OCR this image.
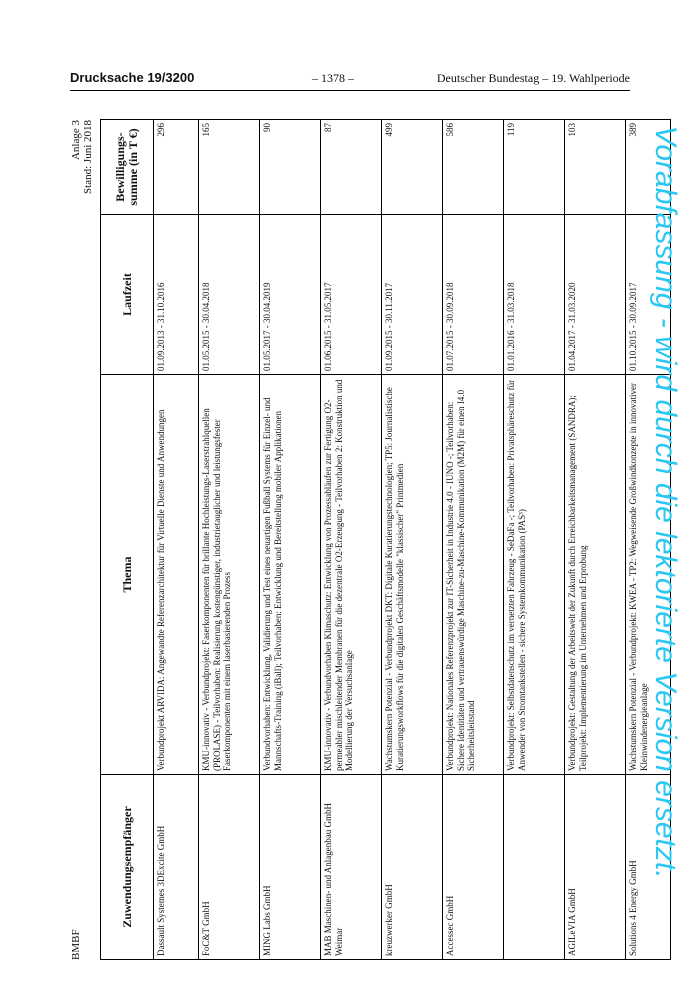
Drucksache 19/3200	– 1378 –	Deutscher Bundestag – 19. Wahlperiode
BMBF
Anlage 3 Stand: Juni 2018
Zuwendungsempfänger	Thema	Laufzeit	Bewilligungs-summe (in T €)
Dassault Systemes 3DExcite GmbH	Verbundprojekt ARVIDA: Angewandte Referenzarchitektur für Virtuelle Dienste und Anwendungen	01.09.2013 - 31.10.2016	296
FoC&T GmbH	KMU-innovativ - Verbundprojekt: Faserkomponenten für brillante Hochleistungs-Laserstrahlquellen (PROLASE) - Teilvorhaben: Realisierung kostengünstiger, industrietauglicher und leistungsfester Faserkomponenten mit einem laserbasierenden Prozess	01.05.2015 - 30.04.2018	165
MING Labs GmbH	Verbundvorhaben: Entwicklung, Validierung und Test eines neuartigen Fußball Systems für Einzel- und Mannschafts-Training (iBall); Teilvorhaben: Entwicklung und Bereitstellung mobiler Applikationen	01.05.2017 - 30.04.2019	90
MAB Maschinen- und Anlagenbau GmbH Weimar	KMU-innovativ - Verbundvorhaben Klimaschutz: Entwicklung von Prozessabläufen zur Fertigung O2-permeabler mischleitender Membranen für die dezentrale O2-Erzeugung - Teilvorhaben 2: Konstruktion und Modellierung der Versuchsanlage	01.06.2015 - 31.05.2017	87
kreuzwerker GmbH	Wachstumskern Potenzial - Verbundprojekt DKT: Digitale Kuratierungstechnologien; TP5: Journalistische Kuratierungsworkflows für die digitalen Geschäftsmodelle "klassischer" Printmedien	01.09.2015 - 30.11.2017	499
Accessec GmbH	Verbundprojekt: Nationales Referenzprojekt zur IT-Sicherheit in Industrie 4.0 - IUNO -; Teilvorhaben: Sichere Identitäten und vertrauenswürdige Maschine-zu-Maschine-Kommunikation (M2M) für einen I4.0 Sicherheitsleitstand	01.07.2015 - 30.09.2018	586
	Verbundprojekt: Selbstdatenschutz im vernetzten Fahrzeug - SeDaFa -; Teilvorhaben: Privatsphäreschutz für Anwender von Stromtankstellen - sichere Systemkommunikation (PAS³)	01.01.2016 - 31.03.2018	119
AGILeVIA GmbH	Verbundprojekt: Gestaltung der Arbeitswelt der Zukunft durch Erreichbarkeitsmanagement (SANDRA); Teilprojekt: Implementierung im Unternehmen und Erprobung	01.04.2017 - 31.03.2020	103
Solutions 4 Energy GmbH	Wachstumskern Potenzial - Verbundprojekt: KWEA - TP2: Wegweisende Großwindkonzepte in innovativer Kleinwindenergieanlage	01.10.2015 - 30.09.2017	389 Vorabfassung - wird durch die lektorierte Version ersetzt.
